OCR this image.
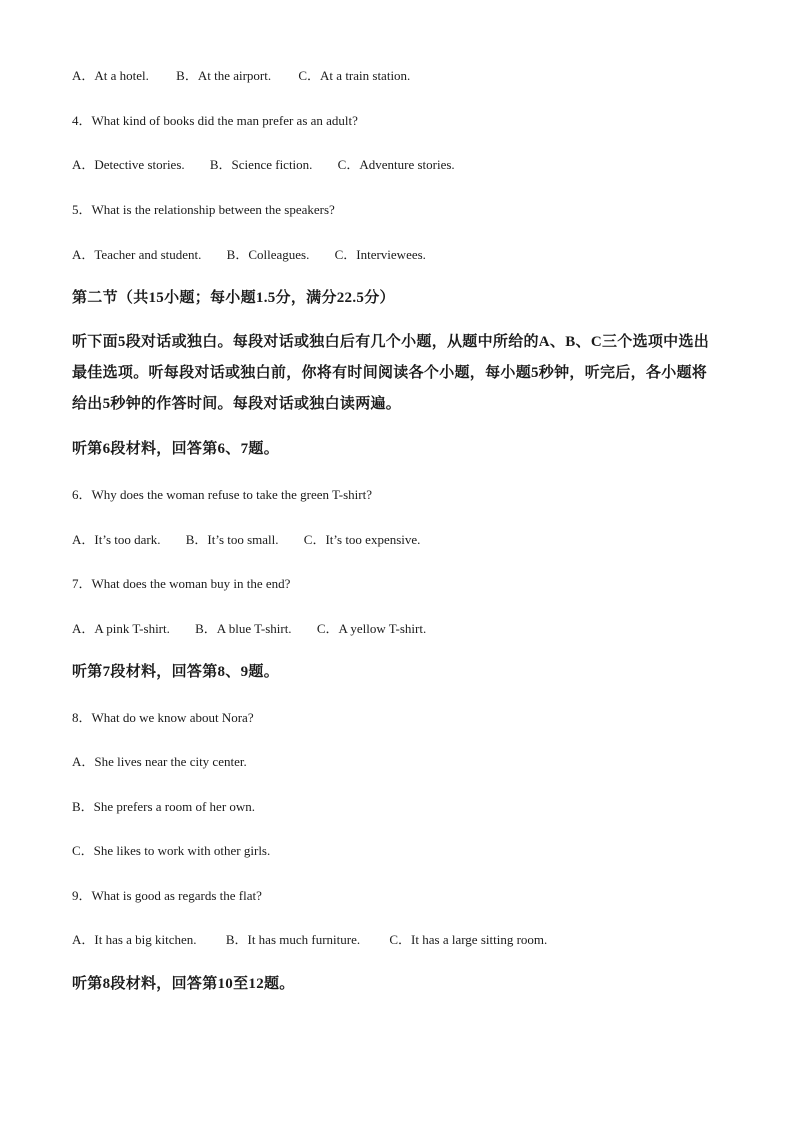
A．At a hotel. B．At the airport. C．At a train station.
4．What kind of books did the man prefer as an adult?
A．Detective stories. B．Science fiction. C．Adventure stories.
5．What is the relationship between the speakers?
A．Teacher and student. B．Colleagues. C．Interviewees.
第二节（共15小题；每小题1.5分，满分22.5分）
听下面5段对话或独白。每段对话或独白后有几个小题，从题中所给的A、B、C三个选项中选出最佳选项。听每段对话或独白前，你将有时间阅读各个小题，每小题5秒钟，听完后，各小题将给出5秒钟的作答时间。每段对话或独白读两遍。
听第6段材料，回答第6、7题。
6．Why does the woman refuse to take the green T-shirt?
A．It’s too dark. B．It’s too small. C．It’s too expensive.
7．What does the woman buy in the end?
A．A pink T-shirt. B．A blue T-shirt. C．A yellow T-shirt.
听第7段材料，回答第8、9题。
8．What do we know about Nora?
A．She lives near the city center.
B．She prefers a room of her own.
C．She likes to work with other girls.
9．What is good as regards the flat?
A．It has a big kitchen. B．It has much furniture. C．It has a large sitting room.
听第8段材料，回答第10至12题。
